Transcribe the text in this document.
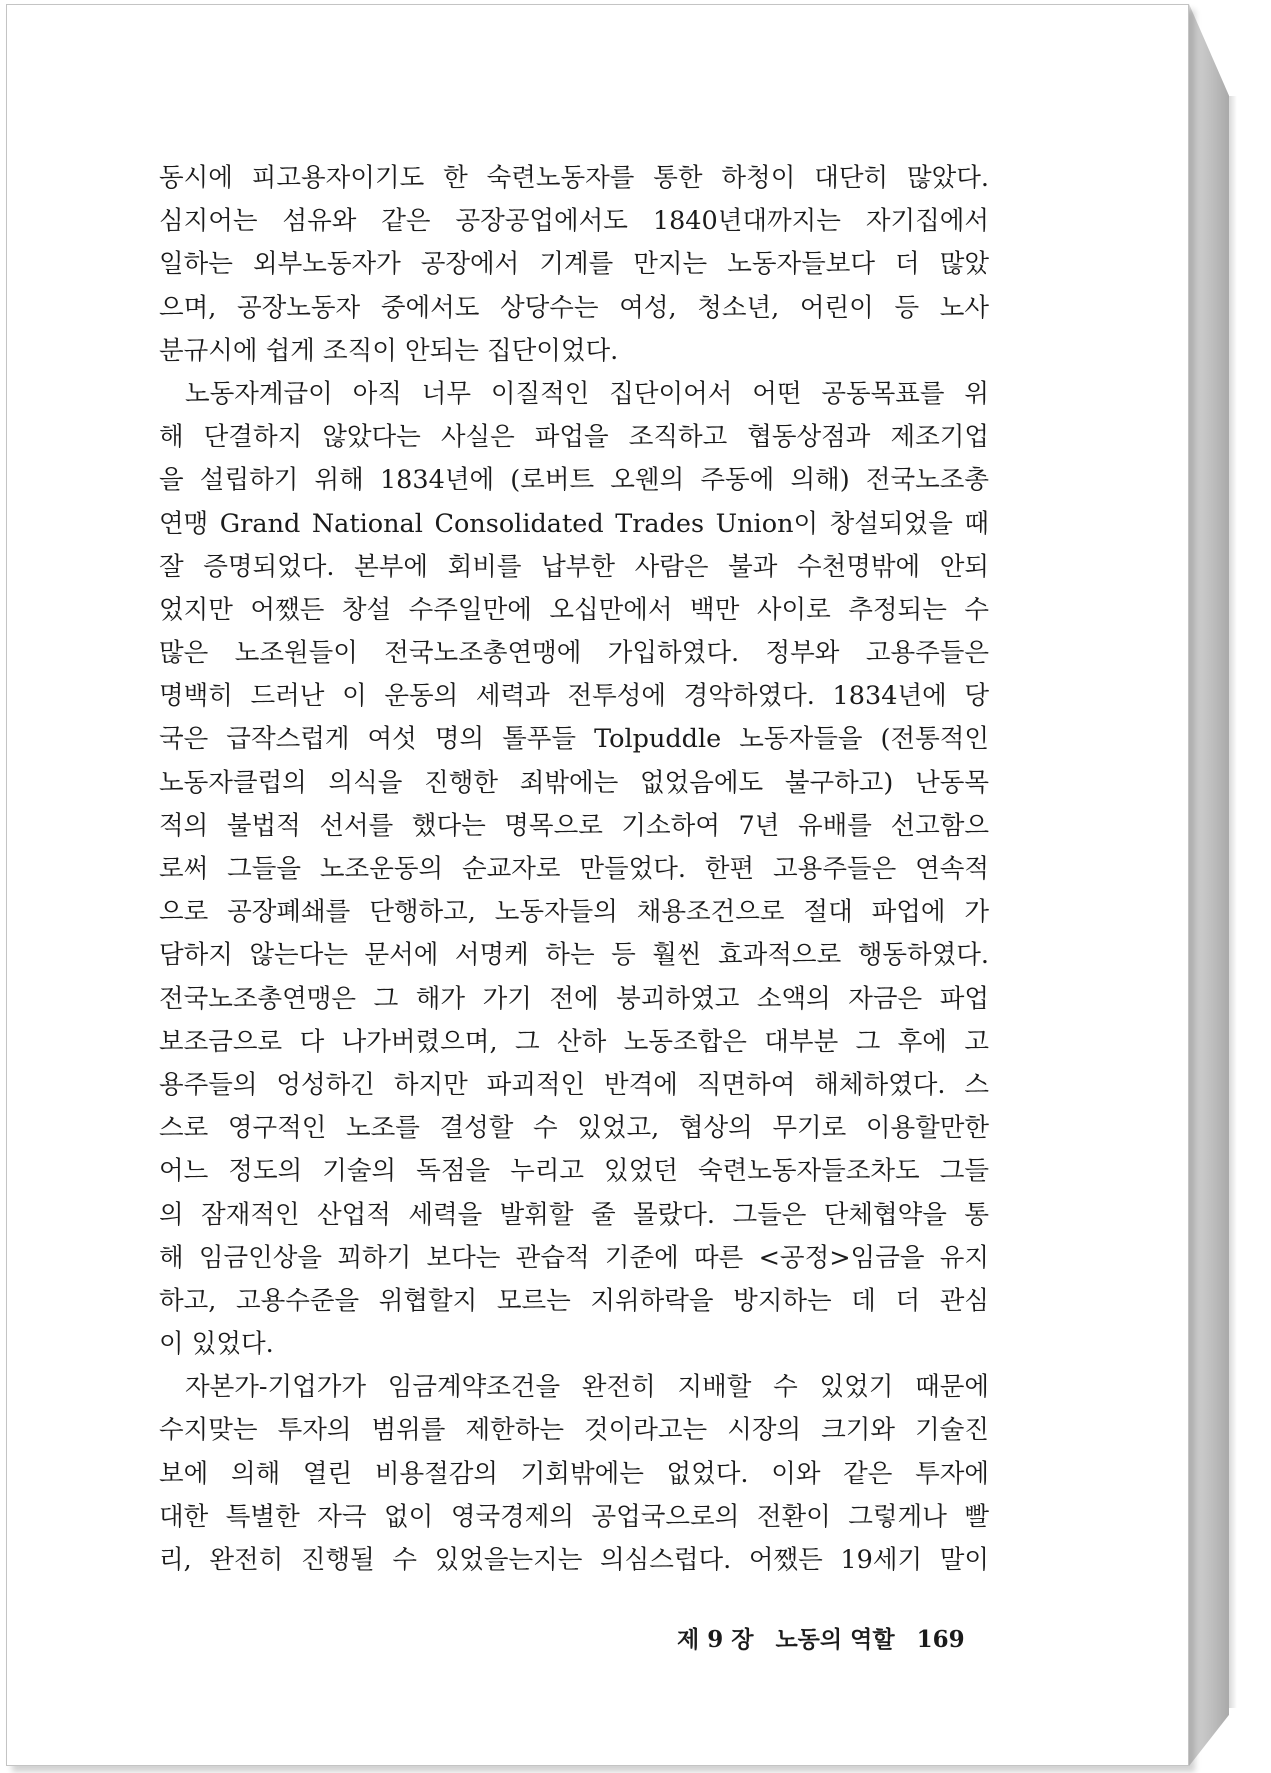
동시에 피고용자이기도 한 숙련노동자를 통한 하청이 대단히 많았다.
심지어는 섬유와 같은 공장공업에서도 1840년대까지는 자기집에서
일하는 외부노동자가 공장에서 기계를 만지는 노동자들보다 더 많았
으며, 공장노동자 중에서도 상당수는 여성, 청소년, 어린이 등 노사
분규시에 쉽게 조직이 안되는 집단이었다.
노동자계급이 아직 너무 이질적인 집단이어서 어떤 공동목표를 위
해 단결하지 않았다는 사실은 파업을 조직하고 협동상점과 제조기업
을 설립하기 위해 1834년에 (로버트 오웬의 주동에 의해) 전국노조총
연맹 Grand National Consolidated Trades Union이 창설되었을 때
잘 증명되었다. 본부에 회비를 납부한 사람은 불과 수천명밖에 안되
었지만 어쨌든 창설 수주일만에 오십만에서 백만 사이로 추정되는 수
많은 노조원들이 전국노조총연맹에 가입하였다. 정부와 고용주들은
명백히 드러난 이 운동의 세력과 전투성에 경악하였다. 1834년에 당
국은 급작스럽게 여섯 명의 톨푸들 Tolpuddle 노동자들을 (전통적인
노동자클럽의 의식을 진행한 죄밖에는 없었음에도 불구하고) 난동목
적의 불법적 선서를 했다는 명목으로 기소하여 7년 유배를 선고함으
로써 그들을 노조운동의 순교자로 만들었다. 한편 고용주들은 연속적
으로 공장폐쇄를 단행하고, 노동자들의 채용조건으로 절대 파업에 가
담하지 않는다는 문서에 서명케 하는 등 훨씬 효과적으로 행동하였다.
전국노조총연맹은 그 해가 가기 전에 붕괴하였고 소액의 자금은 파업
보조금으로 다 나가버렸으며, 그 산하 노동조합은 대부분 그 후에 고
용주들의 엉성하긴 하지만 파괴적인 반격에 직면하여 해체하였다. 스
스로 영구적인 노조를 결성할 수 있었고, 협상의 무기로 이용할만한
어느 정도의 기술의 독점을 누리고 있었던 숙련노동자들조차도 그들
의 잠재적인 산업적 세력을 발휘할 줄 몰랐다. 그들은 단체협약을 통
해 임금인상을 꾀하기 보다는 관습적 기준에 따른 <공정>임금을 유지
하고, 고용수준을 위협할지 모르는 지위하락을 방지하는 데 더 관심
이 있었다.
자본가-기업가가 임금계약조건을 완전히 지배할 수 있었기 때문에
수지맞는 투자의 범위를 제한하는 것이라고는 시장의 크기와 기술진
보에 의해 열린 비용절감의 기회밖에는 없었다. 이와 같은 투자에
대한 특별한 자극 없이 영국경제의 공업국으로의 전환이 그렇게나 빨
리, 완전히 진행될 수 있었을는지는 의심스럽다. 어쨌든 19세기 말이
제 9 장 노동의 역할 169
